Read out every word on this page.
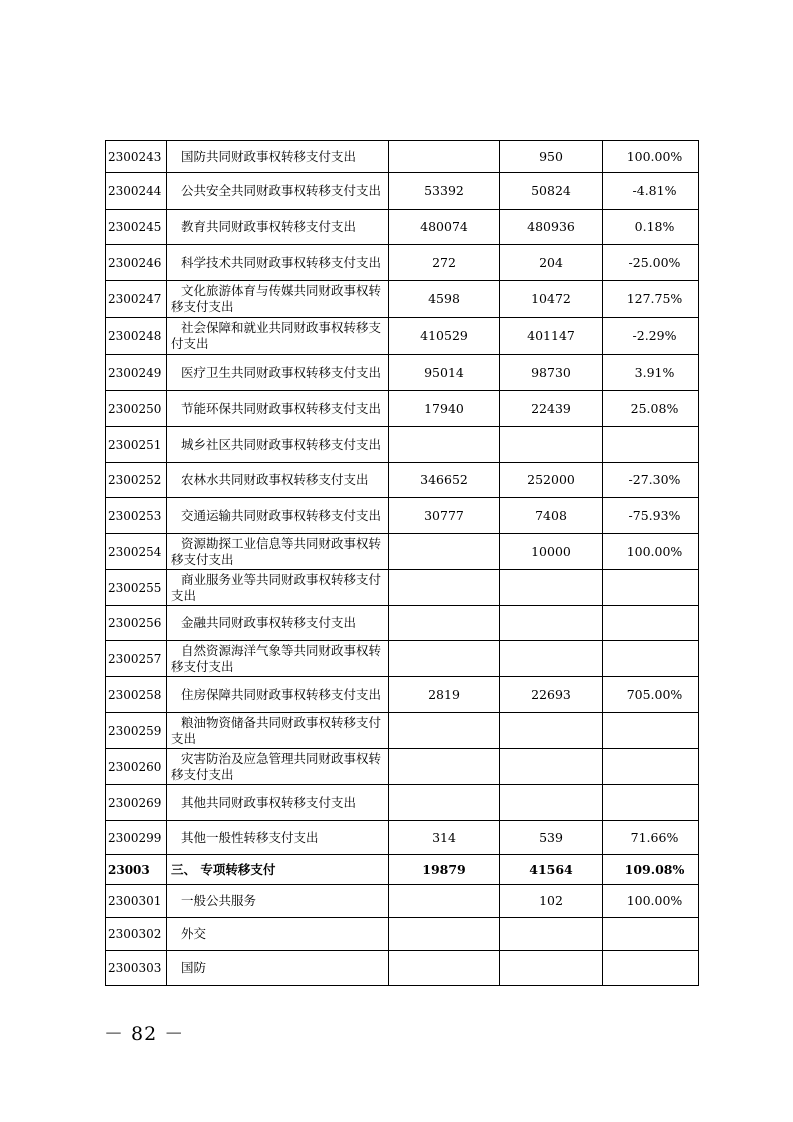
2300243	国防共同财政事权转移支付支出		950	100.00%
2300244	公共安全共同财政事权转移支付支出	53392	50824	-4.81%
2300245	教育共同财政事权转移支付支出	480074	480936	0.18%
2300246	科学技术共同财政事权转移支付支出	272	204	-25.00%
2300247	文化旅游体育与传媒共同财政事权转移支付支出	4598	10472	127.75%
2300248	社会保障和就业共同财政事权转移支付支出	410529	401147	-2.29%
2300249	医疗卫生共同财政事权转移支付支出	95014	98730	3.91%
2300250	节能环保共同财政事权转移支付支出	17940	22439	25.08%
2300251	城乡社区共同财政事权转移支付支出			

2300252	农林水共同财政事权转移支付支出	346652	252000	-27.30%
2300253	交通运输共同财政事权转移支付支出	30777	7408	-75.93%
2300254	资源勘探工业信息等共同财政事权转移支付支出		10000	100.00%
2300255	商业服务业等共同财政事权转移支付支出			

2300256	金融共同财政事权转移支付支出			

2300257	自然资源海洋气象等共同财政事权转移支付支出			

2300258	住房保障共同财政事权转移支付支出	2819	22693	705.00%
2300259	粮油物资储备共同财政事权转移支付支出			

2300260	灾害防治及应急管理共同财政事权转移支付支出			

2300269	其他共同财政事权转移支付支出			

2300299	其他一般性转移支付支出	314	539	71.66%
23003	三、 专项转移支付	19879	41564	109.08%
2300301	一般公共服务		102	100.00%
2300302	外交			

2300303	国防			

－ 82 －
